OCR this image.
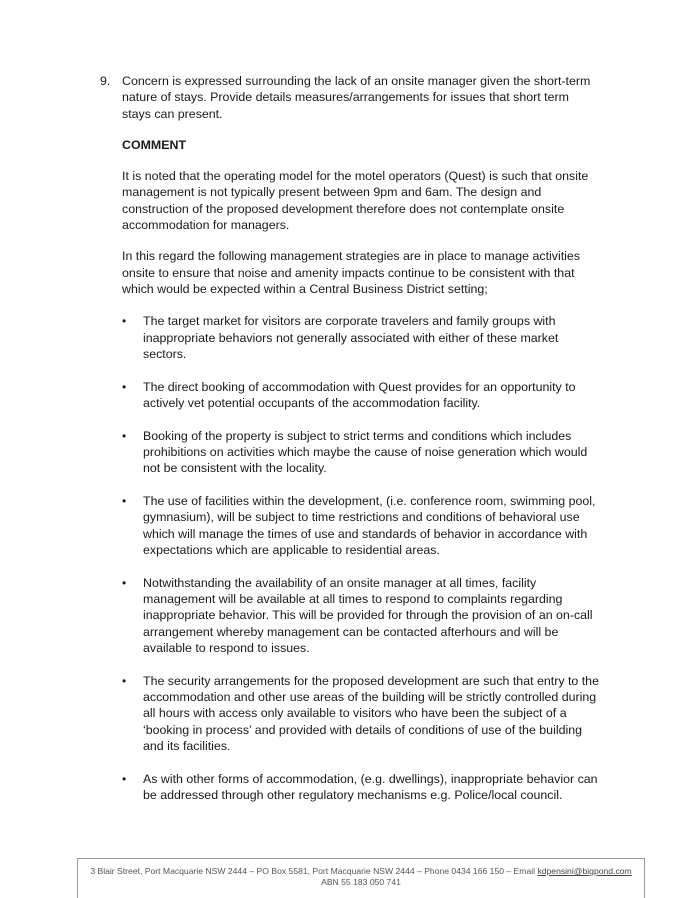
9. Concern is expressed surrounding the lack of an onsite manager given the short-term nature of stays. Provide details measures/arrangements for issues that short term stays can present.

COMMENT

It is noted that the operating model for the motel operators (Quest) is such that onsite management is not typically present between 9pm and 6am. The design and construction of the proposed development therefore does not contemplate onsite accommodation for managers.

In this regard the following management strategies are in place to manage activities onsite to ensure that noise and amenity impacts continue to be consistent with that which would be expected within a Central Business District setting;

•	The target market for visitors are corporate travelers and family groups with inappropriate behaviors not generally associated with either of these market sectors.
•	The direct booking of accommodation with Quest provides for an opportunity to actively vet potential occupants of the accommodation facility.
•	Booking of the property is subject to strict terms and conditions which includes prohibitions on activities which maybe the cause of noise generation which would not be consistent with the locality.
•	The use of facilities within the development, (i.e. conference room, swimming pool, gymnasium), will be subject to time restrictions and conditions of behavioral use which will manage the times of use and standards of behavior in accordance with expectations which are applicable to residential areas.
•	Notwithstanding the availability of an onsite manager at all times, facility management will be available at all times to respond to complaints regarding inappropriate behavior. This will be provided for through the provision of an on-call arrangement whereby management can be contacted afterhours and will be available to respond to issues.
•	The security arrangements for the proposed development are such that entry to the accommodation and other use areas of the building will be strictly controlled during all hours with access only available to visitors who have been the subject of a ‘booking in process’ and provided with details of conditions of use of the building and its facilities.
•	As with other forms of accommodation, (e.g. dwellings), inappropriate behavior can be addressed through other regulatory mechanisms e.g. Police/local council.
3 Blair Street, Port Macquarie NSW 2444 – PO Box 5581, Port Macquarie NSW 2444 – Phone 0434 166 150 – Email kdpensini@bigpond.com
ABN 55 183 050 741
